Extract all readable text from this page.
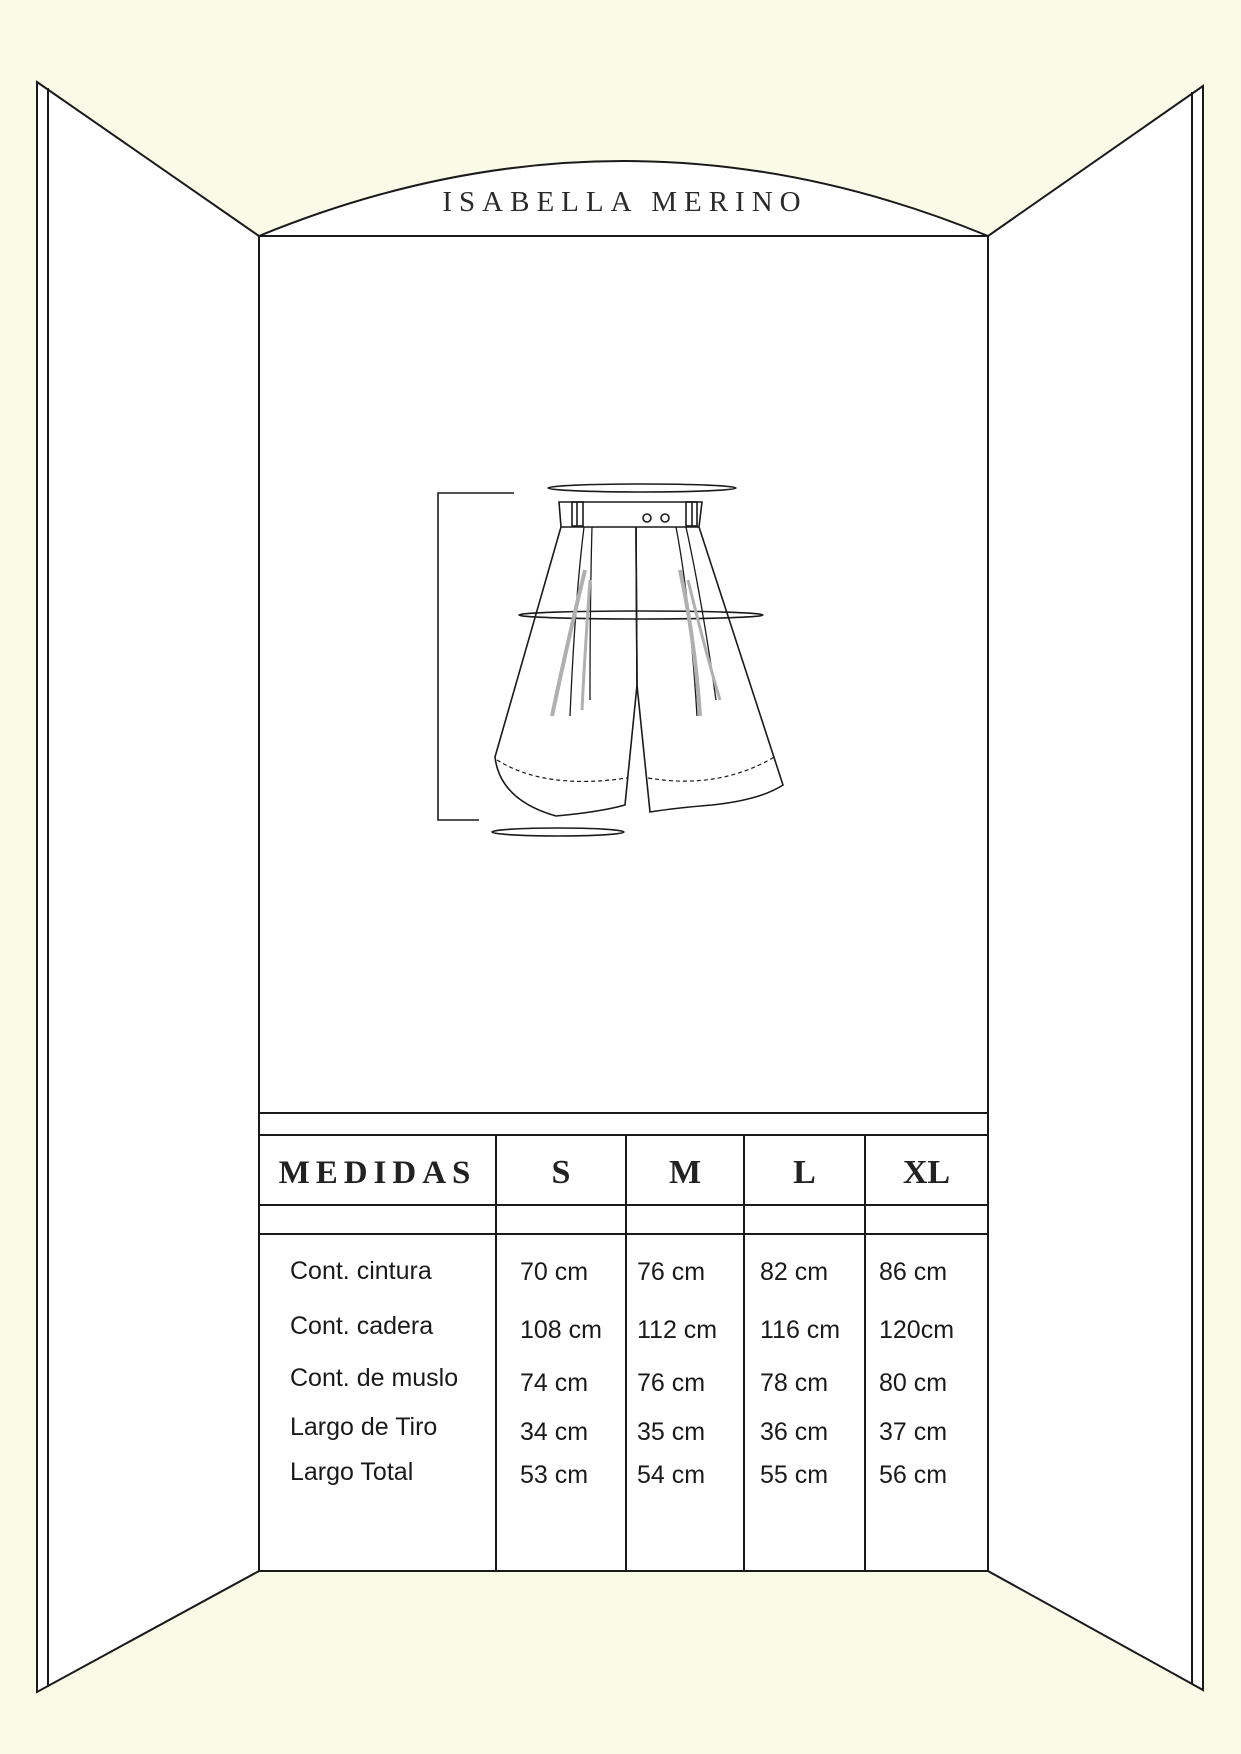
ISABELLA MERINO
MEDIDAS	S	M	L	XL
Cont. cintura	70 cm 76 cm 82 cm 86 cm
Cont. cadera	108 cm 112 cm 116 cm 120cm
Cont. de muslo 74 cm 76 cm 78 cm 80 cm
Largo de Tiro	34 cm 35 cm 36 cm 37 cm
Largo Total	53 cm 54 cm 55 cm 56 cm
